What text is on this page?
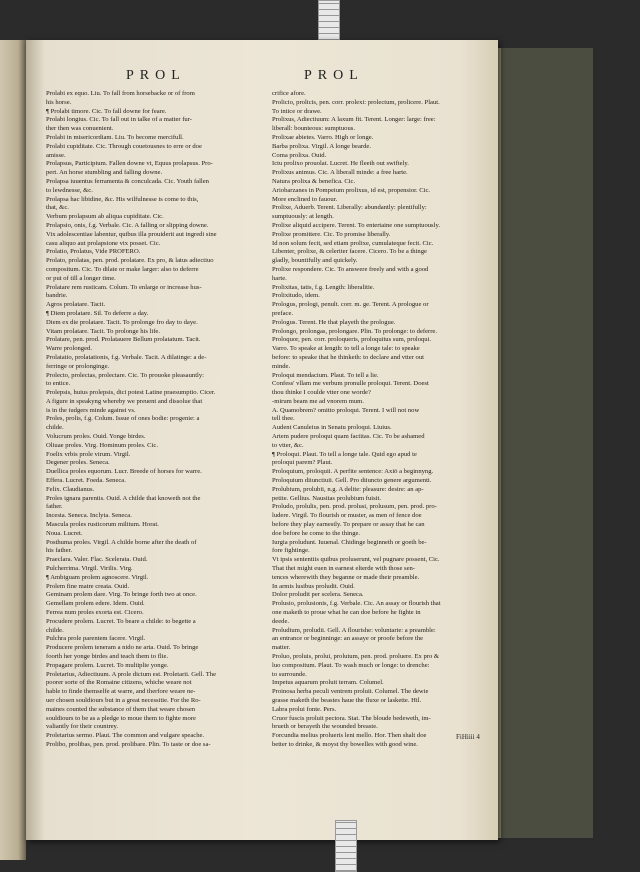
PROL	PROL
Prolabi ex equo. Liu. To fall from horsebacke or of from
his horse.
¶ Prolabi timore. Cic. To fall downe for feare.
Prolabi longius. Cic. To fall out in talke of a matter fur-
ther then was conuenient.
Prolabi in misericordiam. Liu. To become mercifull.
Prolabi cupiditate. Cic. Through couetousnes to erre or doe
amisse.
Prolapsus, Participium. Fallen downe vt, Equus prolapsus. Pro-
pert. An horse stumbling and falling downe.
Prolapsa iuuentus ferramenta & conculcada. Cic. Youth fallen
to lewdnesse, &c.
Prolapsa hac libidine, &c. His wilfulnesse is come to this,
that, &c.
Verbum prolapsum ab aliqua cupiditate. Cic.
Prolapsio, onis, f.g. Verbale. Cic. A falling or slipping downe.
Vix adolescentiae labentur, quibus illa prouiderit aut ingredi sine
casu aliquo aut prolapsione vix posset. Cic.
Prolatio, Prolatus, Vide PROFERO.
Prolato, prolatas, pen. prod. prolatare. Ex pro, & latus adiectiuo
compositum. Cic. To dilate or make larger: also to deferre
or put of till a longer time.
Prolatare rem rusticam. Colum. To enlarge or increase hus-
bandrie.
Agros prolatare. Tacit.
¶ Diem prolatare. Sil. To deferre a day.
Diem ex die prolatare. Tacit. To prolonge fro day to daye.
Vitam prolatare. Tacit. To prolonge his life.
Prolatare, pen. prod. Prolatauere Bellum prolatatum. Tacit.
Warre prolonged.
Prolatatio, prolatationis, f.g. Verbale. Tacit. A dilatinge: a de-
ferringe or prolonginge.
Prolecto, prolectas, prolectare. Cic. To prouoke pleasauntly:
to entice.
Prolepsis, huius prolepsis, dici potest Latine praesumptio. Cicer.
A figure in speakyng whereby we preuent and dissolue that
is in the iudgers minde against vs.
Proles, prolis, f.g. Colum. Issue of ones bodie: progenie: a
childe.
Volucrum proles. Ouid. Yonge birdes.
Oliuae proles. Virg. Hominum proles. Cic.
Foelix vrbis prole virum. Virgil.
Degener proles. Seneca.
Duellica proles equorum. Lucr. Breede of horses for warre.
Effera. Lucret. Foeda. Seneca.
Felix. Claudianus.
Proles ignara parentis. Ouid. A childe that knoweth not the
father.
Incesta. Seneca. Inclyta. Seneca.
Mascula proles rusticorum militum. Horat.
Noua. Lucret.
Posthuma proles. Virgil. A childe borne after the death of
his father.
Praeclara. Valer. Flac. Scelerata. Ouid.
Pulcherrima. Virgil. Virilis. Virg.
¶ Ambiguam prolem agnoscere. Virgil.
Prolem fine matre creata. Ouid.
Geminam prolem dare. Virg. To bringe forth two at once.
Gemellam prolem edere. Idem. Ouid.
Ferrea num proles exorta est. Cicero.
Procudere prolem. Lucret. To beare a childe: to begette a
childe.
Pulchra prole parentem facere. Virgil.
Producere prolem teneram a nido ne arta. Ouid. To bringe
foorth her yonge birdes and teach them to flie.
Propagare prolem. Lucret. To multiplie yonge.
Proletarius, Adiectiuum. A prole dictum est. Proletarii. Gell. The
poorer sorte of the Romaine citizens, whiche weare not
hable to finde themselfe at warre, and therfore weare ne-
uer chosen souldiours but in a great necessitie. For the Ro-
maines counted the substance of them that weare chosen
souldiours to be as a pledge to moue them to fighte more
valiantly for their countrey.
Proletarius sermo. Plaut. The common and vulgare speache.
Prolibo, prolibas, pen. prod. prolibare. Plin. To taste or doe sa-
crifice afore.
Prolicio, prolicis, pen. corr. prolexi: prolectum, prolicere. Plaut.
To intice or drawe.
Prolixus, Adiectiuum: A laxum fit. Terent. Longer: large: free:
liberall: bounteous: sumptuous.
Prolixae abietes. Varro. High or longe.
Barba prolixa. Virgil. A longe bearde.
Coma prolixa. Ouid.
Ictu prolixo prouolat. Lucret. He fleeth out swiftely.
Prolixus animus. Cic. A liberall minde: a free harte.
Natura prolixa & benefica. Cic.
Ariobarzanes in Pompeium prolixus, id est, propensior. Cic.
More enclined to fauour.
Prolixe, Aduerb. Terent. Liberally: abundantly: plentifully:
sumptuously: at length.
Prolixe aliquid accipere. Terent. To entertaine one sumptuously.
Prolixe promittere. Cic. To promise liberally.
Id non solum fecit, sed etiam prolixe, cumulateque fecit. Cic.
Libenter, prolixe, & celeriter facere. Cicero. To be a thinge
gladly, bountifully and quickely.
Prolixe respondere. Cic. To answere freely and with a good
harte.
Prolixitas, tatis, f.g. Length: liberalitie.
Prolixitudo, idem.
Prologus, prologi, penult. corr. m. ge. Terent. A prologue or
preface.
Prologus. Terent. He that playeth the prologue.
Prolongo, prolongas, prolongare. Plin. To prolonge: to deferre.
Proloquor, pen. corr. proloqueris, proloquitus sum, proloqui.
Varro. To speake at length: to tell a longe tale: to speake
before: to speake that he thinketh: to declare and vtter out
minde.
Proloqui mendacium. Plaut. To tell a lie.
Confess' vllam me verbum pronulle proloqui. Terent. Doest
thou thinke I coulde vtter one worde?
-mirum beam me ad vnorem mum.
A. Quamobrem? omitto proloqui. Terent. I will not now
tell thee.
Audent Canuleius in Senatu proloqui. Liuius.
Artem pudere proloqui quam factitas. Cic. To be ashamed
to vtter, &c.
¶ Proloqui. Plaut. To tell a longe tale. Quid ego apud te
proloqui parem? Plaut.
Proloquium, proloquii. A perfite sentence: Axiō a beginnyng.
Proloquium diiunctiuii. Gell. Pro diiuncto genere argumenti.
Prolubium, prolubii, n.g. A delite: pleasure: desire: an ap-
petite. Gellius. Nausitas prolubium fuisit.
Proludo, prolulis, pen. prod. prolusi, prolusum, pen. prod. pro-
ludere. Virgil. To flourish or muster, as men of fence doe
before they play earnestly. To prepare or assay that he can
doe before he come to the thinge.
Iurgia proludunt. Iuuenal. Chidinge beginneth or goeth be-
fore fightinge.
Vt ipsis sententiis quibus proluserunt, vel pugnare possent, Cic.
That thei might euen in earnest elterde with those sen-
tences wherewith they beganne or made their preamble.
In armis lusibus proludit. Ouid.
Dolor proludit per scelera. Seneca.
Prolusio, prolusionis, f.g. Verbale. Cic. An assay or flourish that
one maketh to proue what he can doe before he fighte in
deede.
Proludium, proludii. Gell. A flourishe: voluntarie: a preamble:
an entrance or beginninge: an assaye or proofe before the
matter.
Proluo, proluis, prolui, prolutum, pen. prod. proluere. Ex pro &
luo compositum. Plaut. To wash much or longe: to drenche:
to surrounde.
Impetus aquarum proluit terram. Columel.
Proinosa herba peculi ventrem proluit. Columel. The dewie
grasse maketh the beastes haue the fluxe or laskette. Hil.
Labra prolui fonte. Pers.
Cruor fuscis proluit pectora. Stat. The bloude bedeweth, im-
brueth or berayeth the wounded breaste.
Forcundia melius prolueris leni mello. Hor. Then shalt doe
better to drinke, & moyst thy bowelles with good wine.
FiHiiii 4
